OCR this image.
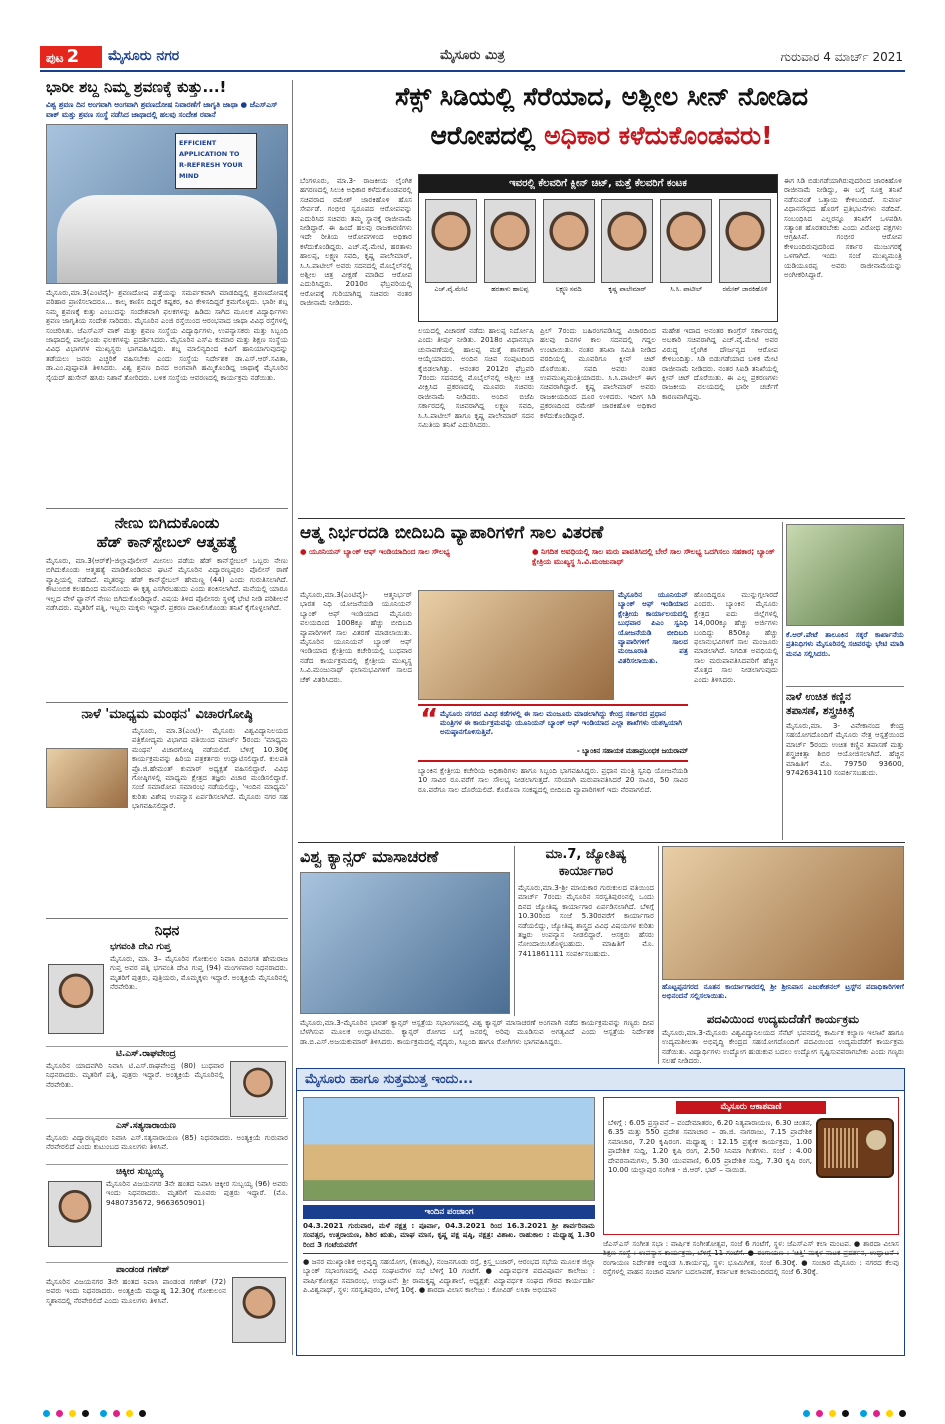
ಪುಟ 2	ಮೈಸೂರು ನಗರ	ಮೈಸೂರು ಮಿತ್ರ	ಗುರುವಾರ 4 ಮಾರ್ಚ್ 2021
ಭಾರೀ ಶಬ್ದ ನಿಮ್ಮ ಶ್ರವಣಕ್ಕೆ ಕುತ್ತು...!
ವಿಶ್ವ ಶ್ರವಣ ದಿನ ಅಂಗವಾಗಿ ಅಂಗವಾಗಿ ಶ್ರವಣದೋಷ ನಿವಾರಣೆಗೆ ಜಾಗೃತಿ ಜಾಥಾ ● ಜೆಎಸ್‌ಎಸ್ ವಾಕ್ ಮತ್ತು ಶ್ರವಣ ಸಂಸ್ಥೆ ನಡೆಸಿದ ಜಾಥಾದಲ್ಲಿ ಹಲವು ಸಂದೇಶ ರವಾನೆ
EFFICIENT
APPLICATION TO
R-REFRESH YOUR
MIND
ಮೈಸೂರು,ಮಾ.3(ಎಂಟಿವೈ)- ಶ್ರವಣದೋಷ ಪತ್ತೆಯನ್ನು ಸಮರ್ಪಕವಾಗಿ ಮಾಡದಿದ್ದಲ್ಲಿ ಶ್ರವಣದೋಷಕ್ಕೆ ಪರಿಹಾರ ಪ್ರಾಣಿಸಲಾದರೂ... ಕಾಲ್ಕ ಕಾಣಿಸ ದಿದ್ದರೆ ಕಷ್ಟಕರ, ಕಿವಿ ಕೇಳಿಸದಿದ್ದರೆ ಕ್ರಮಗೊಳ್ಳದು. ಭಾರೀ ಶಬ್ದ ನಿಮ್ಮ ಶ್ರವಣಕ್ಕೆ ಕುತ್ತು ಎಂಬುದನ್ನು ಸಂದೇಶವಾಗಿ ಫಲಕಗಳನ್ನು ಹಿಡಿದು ಸಾಗಿದ ಮೂಲಕ ವಿದ್ಯಾರ್ಥಿಗಳು ಶ್ರವಣ ಜಾಗೃತಿಯ ಸಂದೇಶ ಸಾರಿದರು. ಮೈಸೂರಿನ ಎಂಜಿ ರಸ್ತೆಯಿಂದ ಆರಂಭವಾದ ಜಾಥಾ ವಿವಿಧ ರಸ್ತೆಗಳಲ್ಲಿ ಸಂಚರಿಸಿತು. ಜೆಎಸ್‌ಎಸ್ ವಾಕ್ ಮತ್ತು ಶ್ರವಣ ಸಂಸ್ಥೆಯ ವಿದ್ಯಾರ್ಥಿಗಳು, ಉಪನ್ಯಾಸಕರು ಮತ್ತು ಸಿಬ್ಬಂದಿ ಜಾಥಾದಲ್ಲಿ ಪಾಲ್ಗೊಂಡು ಫಲಕಗಳನ್ನು ಪ್ರದರ್ಶಿಸಿದರು. ಮೈಸೂರಿನ ಎಸ್ಎ ಕುಮಾರ ಮತ್ತು ಶಿಕ್ಷಣ ಸಂಸ್ಥೆಯ ವಿವಿಧ ವಿಭಾಗಗಳ ಮುಖ್ಯಸ್ಥರು ಭಾಗವಹಿಸಿದ್ದರು. ಶಬ್ದ ಮಾಲಿನ್ಯದಿಂದ ಕಿವಿಗೆ ಹಾನಿಯಾಗುವುದನ್ನು ತಡೆಯಲು ಜನರು ಎಚ್ಚರಿಕೆ ವಹಿಸಬೇಕು ಎಂದು ಸಂಸ್ಥೆಯ ನಿರ್ದೇಶಕ ಡಾ.ಎಸ್.ಆರ್.ಸವಿತಾ, ಡಾ.ಎಂ.ಪುಷ್ಪಾವತಿ ತಿಳಿಸಿದರು. ವಿಶ್ವ ಶ್ರವಣ ದಿನದ ಅಂಗವಾಗಿ ಹಮ್ಮಿಕೊಂಡಿದ್ದ ಜಾಥಾಕ್ಕೆ ಮೈಸೂರಿನ ಸೈಯದ್ ಹುಸೇನ್ ಹಸಿರು ನಿಶಾನೆ ತೋರಿದರು. ಬಳಿಕ ಸಂಸ್ಥೆಯ ಆವರಣದಲ್ಲಿ ಕಾರ್ಯಕ್ರಮ ನಡೆಯಿತು.
ನೇಣು ಬಿಗಿದುಕೊಂಡು
ಹೆಡ್ ಕಾನ್‌ಸ್ಟೇಬಲ್ ಆತ್ಮಹತ್ಯೆ
ಮೈಸೂರು, ಮಾ.3(ಆರ್‌ಕೆ)-ಜಿಲ್ಲಾಪೊಲೀಸ್ ಮೀಸಲು ಪಡೆಯ ಹೆಡ್ ಕಾನ್‌ಸ್ಟೇಬಲ್ ಒಬ್ಬರು ನೇಣು ಬಿಗಿದುಕೊಂಡು ಆತ್ಮಹತ್ಯೆ ಮಾಡಿಕೊಂಡಿರುವ ಘಟನೆ ಮೈಸೂರಿನ ವಿದ್ಯಾರಣ್ಯಪುರಂ ಪೊಲೀಸ್ ಠಾಣೆ ವ್ಯಾಪ್ತಿಯಲ್ಲಿ ನಡೆದಿದೆ. ಮೃತರನ್ನು ಹೆಡ್ ಕಾನ್‌ಸ್ಟೇಬಲ್ ಹೇಮಣ್ಣ (44) ಎಂದು ಗುರುತಿಸಲಾಗಿದೆ. ಕೌಟುಂಬಿಕ ಕಲಹದಿಂದ ಮನನೊಂದು ಈ ಕೃತ್ಯ ಎಸಗಿರಬಹುದು ಎಂದು ಶಂಕಿಸಲಾಗಿದೆ. ಮನೆಯಲ್ಲಿ ಯಾರೂ ಇಲ್ಲದ ವೇಳೆ ಫ್ಯಾನ್‌ಗೆ ನೇಣು ಬಿಗಿದುಕೊಂಡಿದ್ದಾರೆ. ವಿಷಯ ತಿಳಿದ ಪೊಲೀಸರು ಸ್ಥಳಕ್ಕೆ ಭೇಟಿ ನೀಡಿ ಪರಿಶೀಲನೆ ನಡೆಸಿದರು. ಮೃತರಿಗೆ ಪತ್ನಿ, ಇಬ್ಬರು ಮಕ್ಕಳು ಇದ್ದಾರೆ. ಪ್ರಕರಣ ದಾಖಲಿಸಿಕೊಂಡು ತನಿಖೆ ಕೈಗೊಳ್ಳಲಾಗಿದೆ.
ನಾಳೆ 'ಮಾಧ್ಯಮ ಮಂಥನ' ವಿಚಾರಗೋಷ್ಠಿ
ಮೈಸೂರು, ಮಾ.3(ಎಂಟಿ)- ಮೈಸೂರು ವಿಶ್ವವಿದ್ಯಾನಿಲಯದ ಪತ್ರಿಕೋದ್ಯಮ ವಿಭಾಗದ ವತಿಯಿಂದ ಮಾರ್ಚ್ 5ರಂದು 'ಮಾಧ್ಯಮ ಮಂಥನ' ವಿಚಾರಗೋಷ್ಠಿ ನಡೆಯಲಿದೆ. ಬೆಳಿಗ್ಗೆ 10.30ಕ್ಕೆ ಕಾರ್ಯಕ್ರಮವನ್ನು ಹಿರಿಯ ಪತ್ರಕರ್ತರು ಉದ್ಘಾಟಿಸಲಿದ್ದಾರೆ. ಕುಲಪತಿ ಪ್ರೊ.ಜಿ.ಹೇಮಂತ್ ಕುಮಾರ್ ಅಧ್ಯಕ್ಷತೆ ವಹಿಸಲಿದ್ದಾರೆ. ವಿವಿಧ ಗೋಷ್ಠಿಗಳಲ್ಲಿ ಮಾಧ್ಯಮ ಕ್ಷೇತ್ರದ ತಜ್ಞರು ವಿಚಾರ ಮಂಡಿಸಲಿದ್ದಾರೆ. ಸಂಜೆ ಸಮಾರೋಪ ಸಮಾರಂಭ ನಡೆಯಲಿದ್ದು, 'ಇಂದಿನ ಮಾಧ್ಯಮ' ಕುರಿತು ವಿಶೇಷ ಉಪನ್ಯಾಸ ಏರ್ಪಡಿಸಲಾಗಿದೆ. ಮೈಸೂರು ನಗರ ಸಹ ಭಾಗವಹಿಸಲಿದ್ದಾರೆ.
ನಿಧನ
ಭಗವಂತಿ ದೇವಿ ಗುಪ್ತ
ಮೈಸೂರು, ಮಾ. 3– ಮೈಸೂರಿನ ಗೋಕುಲಂ ನಿವಾಸಿ ದಿವಂಗತ ಹೇಮರಾಜ ಗುಪ್ತ ಅವರ ಪತ್ನಿ ಭಗವಂತಿ ದೇವಿ ಗುಪ್ತ (94) ಮಂಗಳವಾರ ನಿಧನರಾದರು. ಮೃತರಿಗೆ ಪುತ್ರರು, ಪುತ್ರಿಯರು, ಮೊಮ್ಮಕ್ಕಳು ಇದ್ದಾರೆ. ಅಂತ್ಯಕ್ರಿಯೆ ಮೈಸೂರಿನಲ್ಲಿ ನೆರವೇರಿತು.
ಟಿ.ಎಸ್.ರಾಘವೇಂದ್ರ
ಮೈಸೂರಿನ ಯಾದವಗಿರಿ ನಿವಾಸಿ ಟಿ.ಎಸ್.ರಾಘವೇಂದ್ರ (80) ಬುಧವಾರ ನಿಧನರಾದರು. ಮೃತರಿಗೆ ಪತ್ನಿ, ಪುತ್ರರು ಇದ್ದಾರೆ. ಅಂತ್ಯಕ್ರಿಯೆ ಮೈಸೂರಿನಲ್ಲಿ ನೆರವೇರಿತು.
ಎಸ್.ಸತ್ಯನಾರಾಯಣ
ಮೈಸೂರು ವಿದ್ಯಾರಣ್ಯಪುರಂ ನಿವಾಸಿ ಎಸ್.ಸತ್ಯನಾರಾಯಣ (85) ನಿಧನರಾದರು. ಅಂತ್ಯಕ್ರಿಯೆ ಗುರುವಾರ ನೆರವೇರಲಿದೆ ಎಂದು ಕುಟುಂಬದ ಮೂಲಗಳು ತಿಳಿಸಿವೆ.
ಚಿಕ್ಕೀರ ಸುಬ್ಬಯ್ಯ
ಮೈಸೂರಿನ ವಿಜಯನಗರ 3ನೇ ಹಂತದ ನಿವಾಸಿ ಚಿಕ್ಕೀರ ಸುಬ್ಬಯ್ಯ (96) ಅವರು ಇಂದು ನಿಧನರಾದರು. ಮೃತರಿಗೆ ಮೂವರು ಪುತ್ರರು ಇದ್ದಾರೆ. (ಮೊ. 9480735672, 9663650901)
ಪಾಂಡಂಡ ಗಣೇಶ್
ಮೈಸೂರಿನ ವಿಜಯನಗರ 3ನೇ ಹಂತದ ನಿವಾಸಿ ಪಾಂಡಂಡ ಗಣೇಶ್ (72) ಅವರು ಇಂದು ನಿಧನರಾದರು. ಅಂತ್ಯಕ್ರಿಯೆ ಮಧ್ಯಾಹ್ನ 12.30ಕ್ಕೆ ಗೋಕುಲಂನ ಸ್ಮಶಾನದಲ್ಲಿ ನೆರವೇರಲಿದೆ ಎಂದು ಮೂಲಗಳು ತಿಳಿಸಿವೆ.
ಸೆಕ್ಸ್ ಸಿಡಿಯಲ್ಲಿ ಸೆರೆಯಾದ, ಅಶ್ಲೀಲ ಸೀನ್ ನೋಡಿದ
ಆರೋಪದಲ್ಲಿ ಅಧಿಕಾರ ಕಳೆದುಕೊಂಡವರು!
ಬೆಂಗಳೂರು, ಮಾ.3- ರಾಜಕೀಯ ಲೈಂಗಿಕ ಹಗರಣದಲ್ಲಿ ಸಿಲುಕಿ ಅಧಿಕಾರ ಕಳೆದುಕೊಂಡವರಲ್ಲಿ ಸಚಿವರಾದ ರಮೇಶ್ ಜಾರಕಿಹೊಳಿ ಹೊಸ ಸೇರ್ಪಡೆ. ಗಂಭೀರ ಸ್ವರೂಪದ ಆರೋಪವನ್ನು ಎದುರಿಸಿದ ಸಚಿವರು ತಮ್ಮ ಸ್ಥಾನಕ್ಕೆ ರಾಜೀನಾಮೆ ನೀಡಿದ್ದಾರೆ. ಈ ಹಿಂದೆ ಹಲವು ರಾಜಕಾರಣಿಗಳು ಇದೇ ರೀತಿಯ ಆರೋಪಗಳಿಂದ ಅಧಿಕಾರ ಕಳೆದುಕೊಂಡಿದ್ದರು. ಎಚ್.ವೈ.ಮೇಟಿ, ಹರತಾಳು ಹಾಲಪ್ಪ, ಲಕ್ಷ್ಮಣ ಸವದಿ, ಕೃಷ್ಣ ಪಾಲೇಮಾರ್, ಸಿ.ಸಿ.ಪಾಟೀಲ್ ಅವರು ಸದನದಲ್ಲಿ ಮೊಬೈಲ್‌ನಲ್ಲಿ ಅಶ್ಲೀಲ ಚಿತ್ರ ವೀಕ್ಷಣೆ ಮಾಡಿದ ಆರೋಪ ಎದುರಿಸಿದ್ದರು. 2010ರ ಫೆಬ್ರವರಿಯಲ್ಲಿ ಆರೋಪಕ್ಕೆ ಗುರಿಯಾಗಿದ್ದ ಸಚಿವರು ನಂತರ ರಾಜೀನಾಮೆ ನೀಡಿದರು.
ಇವರಲ್ಲಿ ಕೆಲವರಿಗೆ ಕ್ಲೀನ್ ಚಿಟ್, ಮತ್ತೆ ಕೆಲವರಿಗೆ ಕಂಟಕ
ಎಚ್.ವೈ.ಮೇಟಿ	ಹರತಾಳು ಹಾಲಪ್ಪ	ಲಕ್ಷ್ಮಣ ಸವದಿ	ಕೃಷ್ಣ ಪಾಲೇಮಾರ್	ಸಿ.ಸಿ. ಪಾಟೀಲ್	ರಮೇಶ್ ಜಾರಕಿಹೊಳಿ
ಲಯದಲ್ಲಿ ವಿಚಾರಣೆ ನಡೆದು ಹಾಲಪ್ಪ ನಿರ್ದೋಷಿ ಎಂದು ತೀರ್ಪು ನೀಡಿತು. 2018ರ ವಿಧಾನಸಭಾ ಚುನಾವಣೆಯಲ್ಲಿ ಹಾಲಪ್ಪ ಮತ್ತೆ ಶಾಸಕರಾಗಿ ಆಯ್ಕೆಯಾದರು. ಅಂದಿನ ಸಚಿವ ಸಂಪುಟದಿಂದ ಕೈಬಿಡಲಾಗಿತ್ತು. ಆನಂತರ 2012ರ ಫೆಬ್ರವರಿ 7ರಂದು ಸದನದಲ್ಲಿ ಮೊಬೈಲ್‌ನಲ್ಲಿ ಅಶ್ಲೀಲ ಚಿತ್ರ ವೀಕ್ಷಿಸಿದ ಪ್ರಕರಣದಲ್ಲಿ ಮೂವರು ಸಚಿವರು ರಾಜೀನಾಮೆ ನೀಡಿದರು. ಅಂದಿನ ಬಿಜೆಪಿ ಸರ್ಕಾರದಲ್ಲಿ ಸಚಿವರಾಗಿದ್ದ ಲಕ್ಷ್ಮಣ ಸವದಿ, ಸಿ.ಸಿ.ಪಾಟೀಲ್ ಹಾಗೂ ಕೃಷ್ಣ ಪಾಲೇಮಾರ್ ಸದನ ಸಮಿತಿಯ ತನಿಖೆ ಎದುರಿಸಿದರು.
ಪ್ರಿಲ್ 7ರಂದು ಬಹಿರಂಗಪಡಿಸಿದ್ದ ವಿಚಾರದಿಂದ ಹಲವು ದಿನಗಳ ಕಾಲ ಸದನದಲ್ಲಿ ಗದ್ದಲ ಉಂಟಾಯಿತು. ನಂತರ ತನಿಖಾ ಸಮಿತಿ ನೀಡಿದ ವರದಿಯಲ್ಲಿ ಮೂವರಿಗೂ ಕ್ಲೀನ್ ಚಿಟ್ ದೊರೆಯಿತು. ಸವದಿ ಅವರು ನಂತರ ಉಪಮುಖ್ಯಮಂತ್ರಿಯಾದರು. ಸಿ.ಸಿ.ಪಾಟೀಲ್ ಈಗ ಸಚಿವರಾಗಿದ್ದಾರೆ. ಕೃಷ್ಣ ಪಾಲೇಮಾರ್ ಅವರು ರಾಜಕೀಯದಿಂದ ದೂರ ಉಳಿದರು. ಇದೀಗ ಸಿಡಿ ಪ್ರಕರಣದಿಂದ ರಮೇಶ್ ಜಾರಕಿಹೊಳಿ ಅಧಿಕಾರ ಕಳೆದುಕೊಂಡಿದ್ದಾರೆ.
ಮಹೇಶ ಇದಾದ ಅನಂತರ ಕಾಂಗ್ರೆಸ್ ಸರ್ಕಾರದಲ್ಲಿ ಅಬಕಾರಿ ಸಚಿವರಾಗಿದ್ದ ಎಚ್.ವೈ.ಮೇಟಿ ಅವರ ವಿರುದ್ಧ ಲೈಂಗಿಕ ದೌರ್ಜನ್ಯದ ಆರೋಪ ಕೇಳಿಬಂದಿತ್ತು. ಸಿಡಿ ಬಿಡುಗಡೆಯಾದ ಬಳಿಕ ಮೇಟಿ ರಾಜೀನಾಮೆ ನೀಡಿದರು. ನಂತರ ಸಿಐಡಿ ತನಿಖೆಯಲ್ಲಿ ಕ್ಲೀನ್ ಚಿಟ್ ದೊರೆಯಿತು. ಈ ಎಲ್ಲ ಪ್ರಕರಣಗಳು ರಾಜಕೀಯ ವಲಯದಲ್ಲಿ ಭಾರೀ ಚರ್ಚೆಗೆ ಕಾರಣವಾಗಿದ್ದವು.
ಈಗ ಸಿಡಿ ಬಿಡುಗಡೆಯಾಗಿರುವುದರಿಂದ ಜಾರಕಿಹೊಳಿ ರಾಜೀನಾಮೆ ನೀಡಿದ್ದು, ಈ ಬಗ್ಗೆ ಸೂಕ್ತ ತನಿಖೆ ನಡೆಸುವಂತೆ ಒತ್ತಾಯ ಕೇಳಿಬಂದಿದೆ. ಸುವರ್ಣ ವಿಧಾನಸೌಧದ ಹೊರಗೆ ಪ್ರತಿಭಟನೆಗಳು ನಡೆದಿವೆ. ಸಂಬಂಧಿಸಿದ ಎಲ್ಲರನ್ನೂ ತನಿಖೆಗೆ ಒಳಪಡಿಸಿ ಸತ್ಯಾಂಶ ಹೊರತರಬೇಕು ಎಂದು ವಿರೋಧ ಪಕ್ಷಗಳು ಆಗ್ರಹಿಸಿವೆ. ಗಂಭೀರ ಆರೋಪ ಕೇಳಿಬಂದಿರುವುದರಿಂದ ಸರ್ಕಾರ ಮುಜುಗರಕ್ಕೆ ಒಳಗಾಗಿದೆ. ಇಂದು ಸಂಜೆ ಮುಖ್ಯಮಂತ್ರಿ ಯಡಿಯೂರಪ್ಪ ಅವರು ರಾಜೀನಾಮೆಯನ್ನು ಅಂಗೀಕರಿಸಿದ್ದಾರೆ.
ಆತ್ಮ ನಿರ್ಭರದಡಿ ಬೀದಿಬದಿ ವ್ಯಾಪಾರಿಗಳಿಗೆ ಸಾಲ ವಿತರಣೆ
● ಯೂನಿಯನ್ ಬ್ಯಾಂಕ್ ಆಫ್ ಇಂಡಿಯಾದಿಂದ ಸಾಲ ಸೌಲಭ್ಯ	● ನಿಗದಿತ ಅವಧಿಯಲ್ಲಿ ಸಾಲ ಮರು ಪಾವತಿಸಿದಲ್ಲಿ ಬೇರೆ ಸಾಲ ಸೌಲಭ್ಯ ಒದಗಿಸಲು ಸಹಕಾರ; ಬ್ಯಾಂಕ್ ಕ್ಷೇತ್ರಿಯ ಮುಖ್ಯಸ್ಥ ಸಿ.ವಿ.ಮಂಜುನಾಥ್
ಮೈಸೂರು,ಮಾ.3(ಎಂಟಿವೈ)- ಆತ್ಮನಿರ್ಭರ್ ಭಾರತ ನಿಧಿ ಯೋಜನೆಯಡಿ ಯೂನಿಯನ್ ಬ್ಯಾಂಕ್ ಆಫ್ ಇಂಡಿಯಾದ ಮೈಸೂರು ವಲಯದಿಂದ 1008ಕ್ಕೂ ಹೆಚ್ಚು ಬೀದಿಬದಿ ವ್ಯಾಪಾರಿಗಳಿಗೆ ಸಾಲ ವಿತರಣೆ ಮಾಡಲಾಯಿತು. ಮೈಸೂರಿನ ಯೂನಿಯನ್ ಬ್ಯಾಂಕ್ ಆಫ್ ಇಂಡಿಯಾದ ಕ್ಷೇತ್ರೀಯ ಕಚೇರಿಯಲ್ಲಿ ಬುಧವಾರ ನಡೆದ ಕಾರ್ಯಕ್ರಮದಲ್ಲಿ ಕ್ಷೇತ್ರೀಯ ಮುಖ್ಯಸ್ಥ ಸಿ.ವಿ.ಮಂಜುನಾಥ್ ಫಲಾನುಭವಿಗಳಿಗೆ ಸಾಲದ ಚೆಕ್ ವಿತರಿಸಿದರು.
ಮೈಸೂರಿನ ಯೂನಿಯನ್ ಬ್ಯಾಂಕ್ ಆಫ್ ಇಂಡಿಯಾದ ಕ್ಷೇತ್ರೀಯ ಕಾರ್ಯಾಲಯದಲ್ಲಿ ಬುಧವಾರ ಪಿಎಂ ಸ್ವನಿಧಿ ಯೋಜನೆಯಡಿ ಬೀದಿಬದಿ ವ್ಯಾಪಾರಿಗಳಿಗೆ ಸಾಲದ ಮಂಜೂರಾತಿ ಪತ್ರ ವಿತರಿಸಲಾಯಿತು.
ಹೊಂದಿದ್ದರೂ ಮುನ್ನುಗ್ಗಲಾರದೆ ಎಂದರು. ಬ್ಯಾಂಕಿನ ಮೈಸೂರು ಕ್ಷೇತ್ರದ ಐದು ಜಿಲ್ಲೆಗಳಲ್ಲಿ 14,000ಕ್ಕೂ ಹೆಚ್ಚು ಅರ್ಜಿಗಳು ಬಂದಿದ್ದು 850ಕ್ಕೂ ಹೆಚ್ಚು ಫಲಾನುಭವಿಗಳಿಗೆ ಸಾಲ ಮಂಜೂರು ಮಾಡಲಾಗಿದೆ. ನಿಗದಿತ ಅವಧಿಯಲ್ಲಿ ಸಾಲ ಮರುಪಾವತಿಸಿದವರಿಗೆ ಹೆಚ್ಚಿನ ಮೊತ್ತದ ಸಾಲ ನೀಡಲಾಗುವುದು ಎಂದು ತಿಳಿಸಿದರು.
“ ಮೈಸೂರು ನಗರದ ವಿವಿಧ ಕಡೆಗಳಲ್ಲಿ ಈ ಸಾಲ ಮಂಜೂರು ಮಾಡಲಾಗಿದ್ದು ಕೇಂದ್ರ ಸರ್ಕಾರದ ಪ್ರಧಾನ ಮಂತ್ರಿಗಳ ಈ ಕಾರ್ಯಕ್ರಮವನ್ನು ಯೂನಿಯನ್ ಬ್ಯಾಂಕ್ ಆಫ್ ಇಂಡಿಯಾದ ಎಲ್ಲಾ ಶಾಖೆಗಳು ಯಶಸ್ವಿಯಾಗಿ ಅನುಷ್ಠಾನಗೊಳಿಸುತ್ತಿವೆ.
- ಬ್ಯಾಂಕಿನ ಸಹಾಯಕ ಮಹಾಪ್ರಬಂಧಕ ಜಯರಾಮ್
ಬ್ಯಾಂಕಿನ ಕ್ಷೇತ್ರೀಯ ಕಚೇರಿಯ ಅಧಿಕಾರಿಗಳು ಹಾಗೂ ಸಿಬ್ಬಂದಿ ಭಾಗವಹಿಸಿದ್ದರು. ಪ್ರಧಾನ ಮಂತ್ರಿ ಸ್ವನಿಧಿ ಯೋಜನೆಯಡಿ 10 ಸಾವಿರ ರೂ.ವರೆಗೆ ಸಾಲ ಸೌಲಭ್ಯ ನೀಡಲಾಗುತ್ತದೆ. ಸರಿಯಾಗಿ ಮರುಪಾವತಿಸಿದರೆ 20 ಸಾವಿರ, 50 ಸಾವಿರ ರೂ.ವರೆಗೂ ಸಾಲ ದೊರೆಯಲಿದೆ. ಕೊರೊನಾ ಸಂಕಷ್ಟದಲ್ಲಿ ಬೀದಿಬದಿ ವ್ಯಾಪಾರಿಗಳಿಗೆ ಇದು ನೆರವಾಗಲಿದೆ.
ಕೆ.ಆರ್.ಪೇಟೆ ತಾಲೂಕಿನ ಸಕ್ಕರೆ ಕಾರ್ಖಾನೆಯ ಪ್ರತಿನಿಧಿಗಳು ಮೈಸೂರಿನಲ್ಲಿ ಸಚಿವರನ್ನು ಭೇಟಿ ಮಾಡಿ ಮನವಿ ಸಲ್ಲಿಸಿದರು.
ನಾಳೆ ಉಚಿತ ಕಣ್ಣಿನ
ತಪಾಸಣೆ, ಶಸ್ತ್ರಚಿಕಿತ್ಸೆ
ಮೈಸೂರು,ಮಾ. 3- ವಿವೇಕಾನಂದ ಕೇಂದ್ರ ಸಹಯೋಗದೊಂದಿಗೆ ಮೈಸೂರು ನೇತ್ರ ಆಸ್ಪತ್ರೆಯಿಂದ ಮಾರ್ಚ್ 5ರಂದು ಉಚಿತ ಕಣ್ಣಿನ ತಪಾಸಣೆ ಮತ್ತು ಶಸ್ತ್ರಚಿಕಿತ್ಸಾ ಶಿಬಿರ ಆಯೋಜಿಸಲಾಗಿದೆ. ಹೆಚ್ಚಿನ ಮಾಹಿತಿಗೆ ಮೊ. 79750 93600, 9742634110 ಸಂಪರ್ಕಿಸಬಹುದು.
ವಿಶ್ವ ಕ್ಯಾನ್ಸರ್ ಮಾಸಾಚರಣೆ
ಮೈಸೂರು,ಮಾ.3-ಮೈಸೂರಿನ ಭಾರತ್ ಕ್ಯಾನ್ಸರ್ ಆಸ್ಪತ್ರೆಯ ಸಭಾಂಗಣದಲ್ಲಿ ವಿಶ್ವ ಕ್ಯಾನ್ಸರ್ ಮಾಸಾಚರಣೆ ಅಂಗವಾಗಿ ನಡೆದ ಕಾರ್ಯಕ್ರಮವನ್ನು ಗಣ್ಯರು ದೀಪ ಬೆಳಗಿಸುವ ಮೂಲಕ ಉದ್ಘಾಟಿಸಿದರು. ಕ್ಯಾನ್ಸರ್ ರೋಗದ ಬಗ್ಗೆ ಜನರಲ್ಲಿ ಅರಿವು ಮೂಡಿಸುವ ಅಗತ್ಯವಿದೆ ಎಂದು ಆಸ್ಪತ್ರೆಯ ನಿರ್ದೇಶಕ ಡಾ.ಬಿ.ಎಸ್.ಅಜಯಕುಮಾರ್ ತಿಳಿಸಿದರು. ಕಾರ್ಯಕ್ರಮದಲ್ಲಿ ವೈದ್ಯರು, ಸಿಬ್ಬಂದಿ ಹಾಗೂ ರೋಗಿಗಳು ಭಾಗವಹಿಸಿದ್ದರು.
ಮಾ.7, ಜ್ಯೋತಿಷ್ಯ
ಕಾರ್ಯಾಗಾರ
ಮೈಸೂರು,ಮಾ.3-ಶ್ರೀ ಮಾಯಕಾರ ಗುರುಕುಲದ ವತಿಯಿಂದ ಮಾರ್ಚ್ 7ರಂದು ಮೈಸೂರಿನ ಸರಸ್ವತಿಪುರಂನಲ್ಲಿ ಒಂದು ದಿನದ ಜ್ಯೋತಿಷ್ಯ ಕಾರ್ಯಾಗಾರ ಏರ್ಪಡಿಸಲಾಗಿದೆ. ಬೆಳಿಗ್ಗೆ 10.30ರಿಂದ ಸಂಜೆ 5.30ರವರೆಗೆ ಕಾರ್ಯಾಗಾರ ನಡೆಯಲಿದ್ದು, ಜ್ಯೋತಿಷ್ಯ ಶಾಸ್ತ್ರದ ವಿವಿಧ ವಿಷಯಗಳ ಕುರಿತು ತಜ್ಞರು ಉಪನ್ಯಾಸ ನೀಡಲಿದ್ದಾರೆ. ಆಸಕ್ತರು ಹೆಸರು ನೋಂದಾಯಿಸಿಕೊಳ್ಳಬಹುದು. ಮಾಹಿತಿಗೆ ಮೊ. 7411861111 ಸಂಪರ್ಕಿಸಬಹುದು.
ಹೊಟ್ಟಪ್ಪನಗರದ ನೂತನ ಕಾರ್ಯಾಗಾರದಲ್ಲಿ ಶ್ರೀ ಶ್ರೀನಿವಾಸ ಎಜುಕೇಶನಲ್ ಟ್ರಸ್ಟ್‌ನ ಪದಾಧಿಕಾರಿಗಳಿಗೆ ಅಭಿನಂದನೆ ಸಲ್ಲಿಸಲಾಯಿತು.
ಪದವಿಯಿಂದ ಉದ್ಯಮದೆಡೆಗೆ ಕಾರ್ಯಕ್ರಮ
ಮೈಸೂರು,ಮಾ.3-ಮೈಸೂರು ವಿಶ್ವವಿದ್ಯಾನಿಲಯದ ಸೆನೆಟ್ ಭವನದಲ್ಲಿ ಕಾರ್ಮಿಕ ಕಲ್ಯಾಣ ಇಲಾಖೆ ಹಾಗೂ ಉದ್ಯಮಶೀಲತಾ ಅಭಿವೃದ್ಧಿ ಕೇಂದ್ರದ ಸಹಯೋಗದೊಂದಿಗೆ ಪದವಿಯಿಂದ ಉದ್ಯಮದೆಡೆಗೆ ಕಾರ್ಯಕ್ರಮ ನಡೆಯಿತು. ವಿದ್ಯಾರ್ಥಿಗಳು ಉದ್ಯೋಗ ಹುಡುಕುವ ಬದಲು ಉದ್ಯೋಗ ಸೃಷ್ಟಿಸುವವರಾಗಬೇಕು ಎಂದು ಗಣ್ಯರು ಸಲಹೆ ನೀಡಿದರು.
ಮೈಸೂರು ಹಾಗೂ ಸುತ್ತಮುತ್ತ ಇಂದು...
ಇಂದಿನ ಪಂಚಾಂಗ
04.3.2021 ಗುರುವಾರ, ಮಳೆ ನಕ್ಷತ್ರ : ಪೂರ್ವಾ, 04.3.2021 ರಿಂದ 16.3.2021 ಶ್ರೀ ಶಾರ್ವರಿನಾಮ ಸಂವತ್ಸರ, ಉತ್ತರಾಯಣ, ಶಿಶಿರ ಋತು, ಮಾಘ ಮಾಸ, ಕೃಷ್ಣ ಪಕ್ಷ ಷಷ್ಠಿ, ನಕ್ಷತ್ರ: ವಿಶಾಖ. ರಾಹುಕಾಲ : ಮಧ್ಯಾಹ್ನ 1.30 ರಿಂದ 3 ಗಂಟೆಯವರೆಗೆ
ಮೈಸೂರು ಆಕಾಶವಾಣಿ
ಬೆಳಿಗ್ಗೆ : 6.05 ಪ್ರಸ್ತಾವನೆ – ವಂದೇಮಾತರಂ, 6.20 ನಿತ್ಯಪಾರಾಯಣ, 6.30 ಚಿಂತನ, 6.35 ಮತ್ತು 550 ಪ್ರದೇಶ ಸಮಾಚಾರ – ಡಾ.ಜಿ. ನಾಗರಾಜು, 7.15 ಪ್ರಾದೇಶಿಕ ಸಮಾಚಾರ, 7.20 ಕೃಷಿರಂಗ. ಮಧ್ಯಾಹ್ನ : 12.15 ಪ್ರತ್ಯೇಕ ಕಾರ್ಯಕ್ರಮ, 1.00 ಪ್ರಾದೇಶಿಕ ಸುದ್ದಿ, 1.20 ಕೃಷಿ ರಂಗ, 2.50 ಸಿನಿಮಾ ಗೀತೆಗಳು. ಸಂಜೆ : 4.00 ದೇವರನಾಮಗಳು, 5.30 ಯುವವಾಣಿ, 6.05 ಪ್ರಾದೇಶಿಕ ಸುದ್ದಿ, 7.30 ಕೃಷಿ ರಂಗ, 10.00 ಯಲ್ಲಾಪುರ ಸಂಗೀತ - ಜಿ.ಆರ್. ಭಟ್ – ನಾಯಿಡ.
● ಜನರ ಮುಖ್ಯಾಂಶಿಕ ಅಭಿವೃದ್ಧಿ ಸಹಯೋಗ, (ಕಣಕಟ್ಟ), ನಂಜನಗೂಡು ರಸ್ತೆ, ಕ್ರಿಸ್ತ_ಬಜಾರ್, ಆರಂಭದ ಸಭೆಯ ಮೂಲಕ ಜಿಲ್ಲಾ ಬ್ಯಾಂಕ್ ಸಭಾಂಗಣದಲ್ಲಿ ವಿವಿಧ ಸಂಘಟನೆಗಳ ಸಭೆ ಬೆಳಿಗ್ಗೆ 10 ಗಂಟೆಗೆ. ● ವಿದ್ಯಾವರ್ಧಕ ಪದವಿಪೂರ್ವ ಕಾಲೇಜು : ವಾರ್ಷಿಕೋತ್ಸವ ಸಮಾರಂಭ, ಉದ್ಘಾಟನೆ: ಶ್ರೀ ರಾಮಕೃಷ್ಣ ವಿದ್ಯಾಶಾಲೆ, ಅಧ್ಯಕ್ಷತೆ: ವಿದ್ಯಾವರ್ಧಕ ಸಂಘದ ಗೌರವ ಕಾರ್ಯದರ್ಶಿ ಪಿ.ವಿಶ್ವನಾಥ್, ಸ್ಥಳ: ಸರಸ್ವತಿಪುರಂ, ಬೆಳಿಗ್ಗೆ 10ಕ್ಕೆ. ● ಶಾರದಾ ವಿಲಾಸ ಕಾಲೇಜು : ಕೋವಿಡ್ ಲಸಿಕಾ ಅಭಿಯಾನ
ಜೆಎಸ್‌ಎಸ್ ಸಂಗೀತ ಸಭಾ : ವಾರ್ಷಿಕ ಸಂಗೀತೋತ್ಸವ, ಸಂಜೆ 6 ಗಂಟೆಗೆ, ಸ್ಥಳ: ಜೆಎಸ್‌ಎಸ್ ಕಲಾ ಮಂಟಪ. ● ಶಾರದಾ ವಿಲಾಸ ಶಿಕ್ಷಣ ಸಂಸ್ಥೆ : ಉಪನ್ಯಾಸ ಕಾರ್ಯಕ್ರಮ, ಬೆಳಿಗ್ಗೆ 11 ಗಂಟೆಗೆ. ● ರಂಗಾಯಣ : 'ಚಿತ್ತಿ' ಮಕ್ಕಳ ನಾಟಕ ಪ್ರದರ್ಶನ, ಉದ್ಘಾಟನೆ : ರಂಗಾಯಣ ನಿರ್ದೇಶಕ ಅಡ್ಡಂಡ ಸಿ.ಕಾರ್ಯಪ್ಪ, ಸ್ಥಳ: ಭೂಮಿಗೀತ, ಸಂಜೆ 6.30ಕ್ಕೆ. ● ಸಂಚಾರ ಮೈಸೂರು : ನಗರದ ಕೆಲವು ರಸ್ತೆಗಳಲ್ಲಿ ವಾಹನ ಸಂಚಾರ ಮಾರ್ಗ ಬದಲಾವಣೆ, ಕರ್ನಾಟಕ ಕಲಾಮಂದಿರದಲ್ಲಿ ಸಂಜೆ 6.30ಕ್ಕೆ.
